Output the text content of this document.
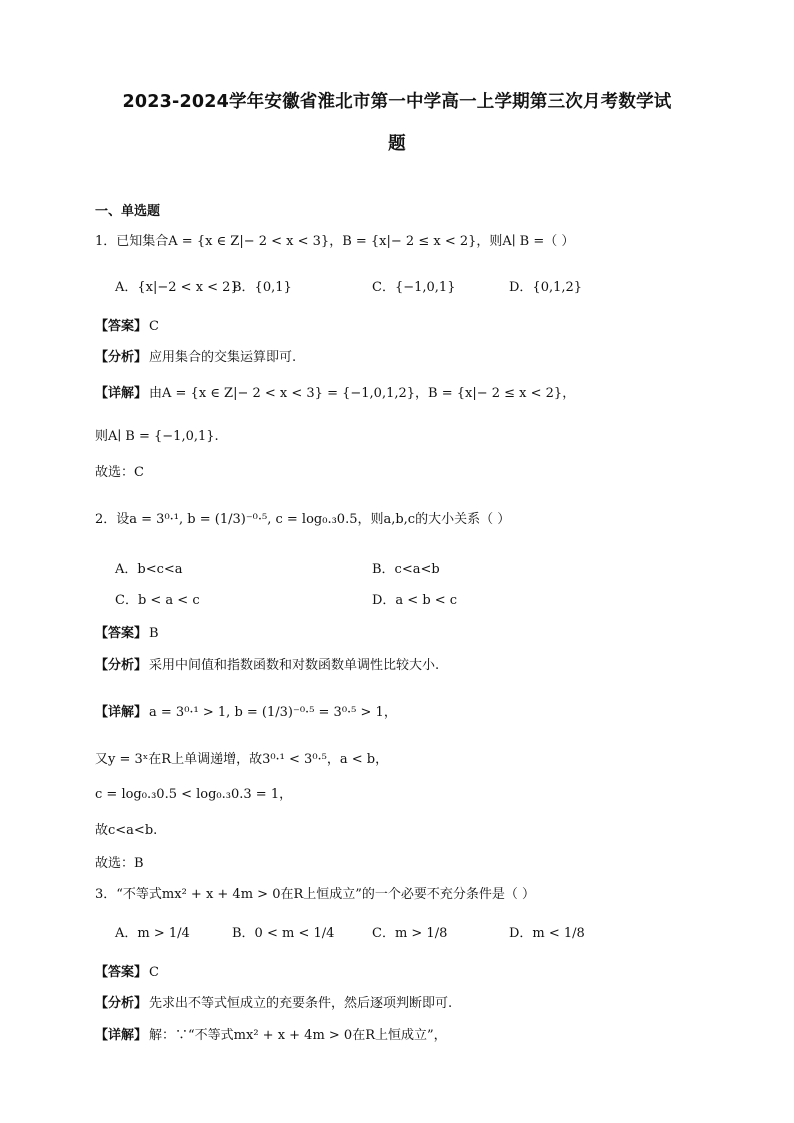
2023-2024学年安徽省淮北市第一中学高一上学期第三次月考数学试
题
一、单选题
1．已知集合A = {x ∈ Z|− 2 < x < 3}，B = {x|− 2 ≤ x < 2}，则A∣ B =（ ）
A．{x|−2 < x < 2}
B．{0,1}	C．{−1,0,1}	D．{0,1,2}
【答案】 C
【分析】 应用集合的交集运算即可.
【详解】 由A = {x ∈ Z|− 2 < x < 3} = {−1,0,1,2}，B = {x|− 2 ≤ x < 2}，
则A∣ B = {−1,0,1}.
故选：C
2．设a = 3⁰·¹, b = (1/3)⁻⁰·⁵, c = log₀.₃0.5，则a,b,c的大小关系（ ）
A．b<c<a	B．c<a<b
C．b < a < c	D．a < b < c
【答案】 B
【分析】 采用中间值和指数函数和对数函数单调性比较大小.
【详解】 a = 3⁰·¹ > 1, b = (1/3)⁻⁰·⁵ = 3⁰·⁵ > 1，
又y = 3ˣ在R上单调递增，故3⁰·¹ < 3⁰·⁵，a < b，
c = log₀.₃0.5 < log₀.₃0.3 = 1，
故c<a<b.
故选：B
3．“不等式mx² + x + 4m > 0在R上恒成立”的一个必要不充分条件是（ ）
A．m > 1/4	B．0 < m < 1/4	C．m > 1/8	D．m < 1/8
【答案】 C
【分析】 先求出不等式恒成立的充要条件，然后逐项判断即可.
【详解】 解：∵“不等式mx² + x + 4m > 0在R上恒成立”，
